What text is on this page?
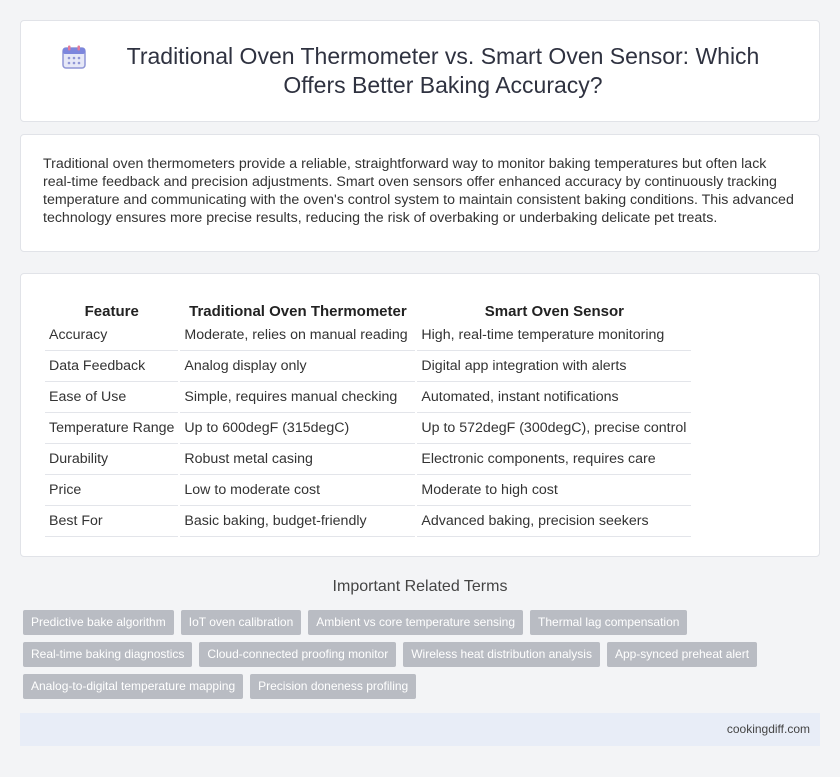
Traditional Oven Thermometer vs. Smart Oven Sensor: Which Offers Better Baking Accuracy?

Traditional oven thermometers provide a reliable, straightforward way to monitor baking temperatures but often lack real-time feedback and precision adjustments. Smart oven sensors offer enhanced accuracy by continuously tracking temperature and communicating with the oven's control system to maintain consistent baking conditions. This advanced technology ensures more precise results, reducing the risk of overbaking or underbaking delicate pet treats.

Feature	Traditional Oven Thermometer	Smart Oven Sensor
Accuracy	Moderate, relies on manual reading	High, real-time temperature monitoring
Data Feedback	Analog display only	Digital app integration with alerts
Ease of Use	Simple, requires manual checking	Automated, instant notifications
Temperature Range	Up to 600degF (315degC)	Up to 572degF (300degC), precise control
Durability	Robust metal casing	Electronic components, requires care
Price	Low to moderate cost	Moderate to high cost
Best For	Basic baking, budget-friendly	Advanced baking, precision seekers
Important Related Terms
Predictive bake algorithm	IoT oven calibration	Ambient vs core temperature sensing	Thermal lag compensation
Real-time baking diagnostics	Cloud-connected proofing monitor	Wireless heat distribution analysis	App-synced preheat alert
Analog-to-digital temperature mapping	Precision doneness profiling
cookingdiff.com
